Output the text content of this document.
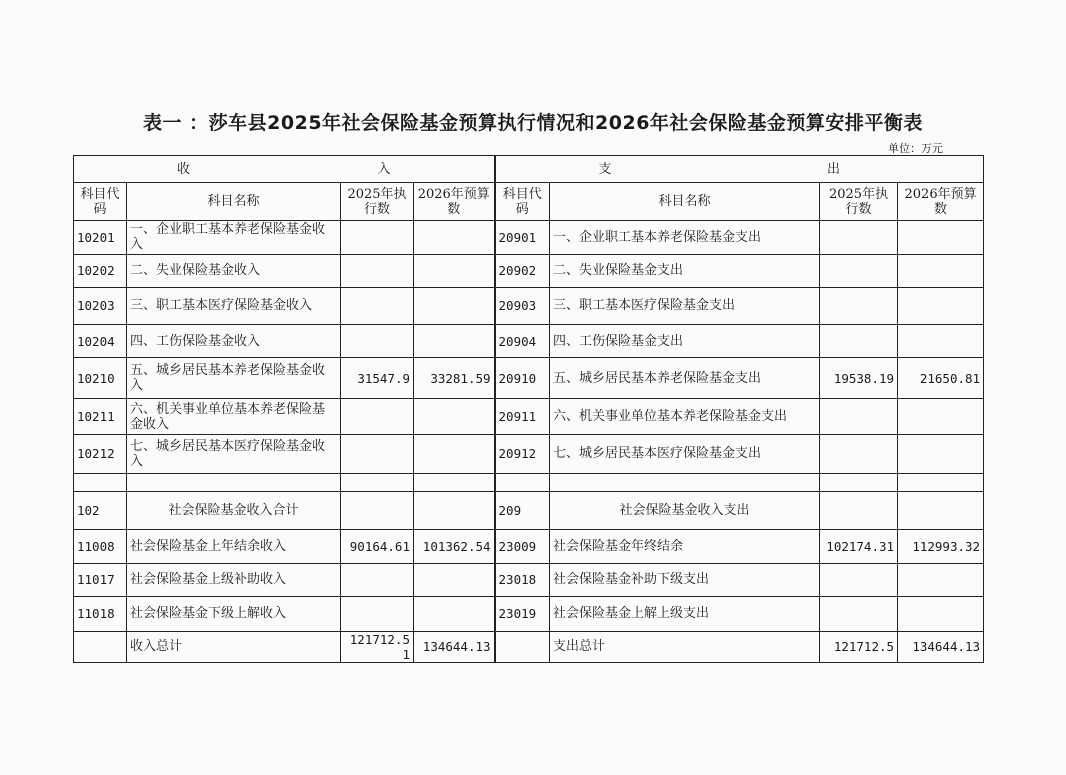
表一 ：莎车县2025年社会保险基金预算执行情况和2026年社会保险基金预算安排平衡表
单位：万元
收 入				支 出			

科目代码	科目名称	2025年执行数	2026年预算数	科目代码	科目名称	2025年执行数	2026年预算数
10201	一、企业职工基本养老保险基金收入			20901	一、企业职工基本养老保险基金支出		
10202	二、失业保险基金收入			20902	二、失业保险基金支出		
10203	三、职工基本医疗保险基金收入			20903	三、职工基本医疗保险基金支出		
10204	四、工伤保险基金收入			20904	四、工伤保险基金支出		
10210	五、城乡居民基本养老保险基金收入	31547.9	33281.59	20910	五、城乡居民基本养老保险基金支出	19538.19	21650.81
10211	六、机关事业单位基本养老保险基金收入			20911	六、机关事业单位基本养老保险基金支出		
10212	七、城乡居民基本医疗保险基金收入			20912	七、城乡居民基本医疗保险基金支出		

102	社会保险基金收入合计			209	社会保险基金收入支出		
11008	社会保险基金上年结余收入	90164.61	101362.54	23009	社会保险基金年终结余	102174.31	112993.32
11017	社会保险基金上级补助收入			23018	社会保险基金补助下级支出		
11018	社会保险基金下级上解收入			23019	社会保险基金上解上级支出		
	收入总计	121712.51	134644.13		支出总计	121712.5	134644.13
